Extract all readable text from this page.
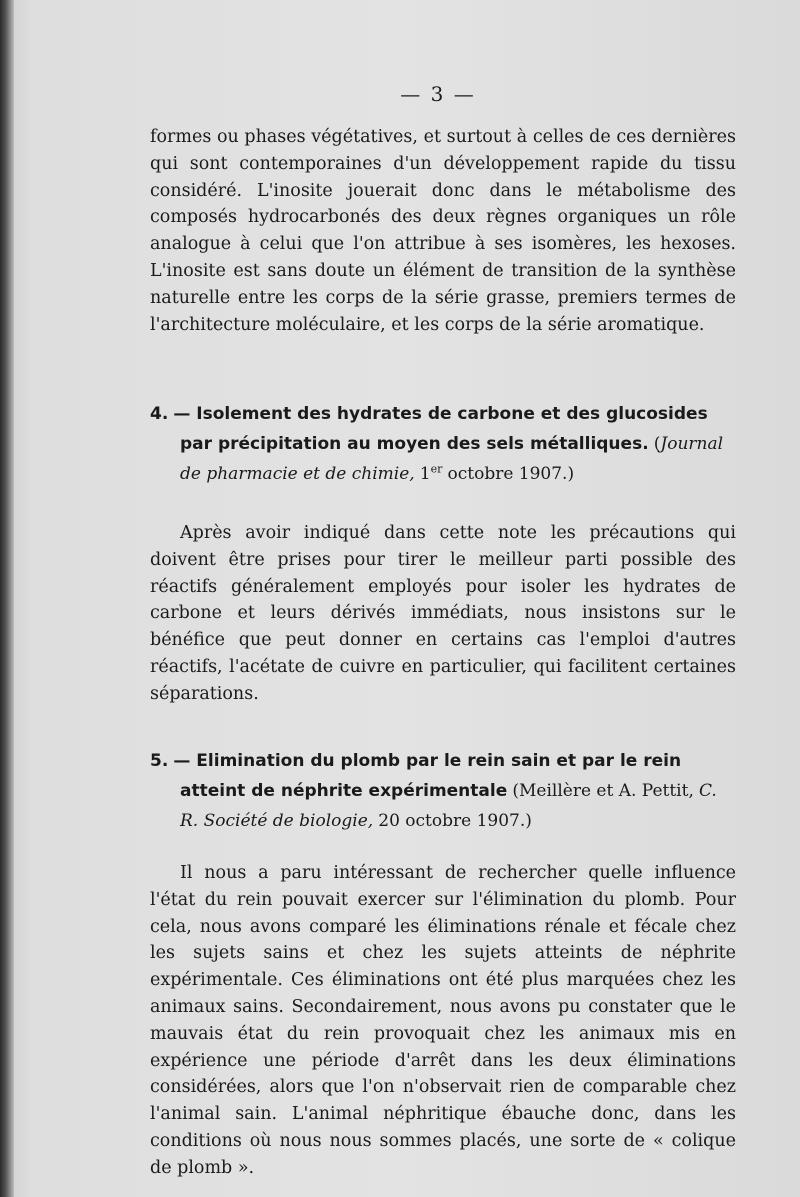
— 3 —

formes ou phases végétatives, et surtout à celles de ces dernières qui sont contemporaines d'un développement rapide du tissu considéré. L'inosite jouerait donc dans le métabolisme des composés hydrocarbonés des deux règnes organiques un rôle analogue à celui que l'on attribue à ses isomères, les hexoses. L'inosite est sans doute un élément de transition de la synthèse naturelle entre les corps de la série grasse, premiers termes de l'architecture moléculaire, et les corps de la série aromatique.

4. — Isolement des hydrates de carbone et des glucosides
par précipitation au moyen des sels métalliques. (Journal de pharmacie et de chimie, 1er octobre 1907.)

Après avoir indiqué dans cette note les précautions qui doivent être prises pour tirer le meilleur parti possible des réactifs généralement employés pour isoler les hydrates de carbone et leurs dérivés immédiats, nous insistons sur le bénéfice que peut donner en certains cas l'emploi d'autres réactifs, l'acétate de cuivre en particulier, qui facilitent certaines séparations.

5. — Elimination du plomb par le rein sain et par le rein
atteint de néphrite expérimentale (Meillère et A. Pettit, C. R. Société de biologie, 20 octobre 1907.)

Il nous a paru intéressant de rechercher quelle influence l'état du rein pouvait exercer sur l'élimination du plomb. Pour cela, nous avons comparé les éliminations rénale et fécale chez les sujets sains et chez les sujets atteints de néphrite expérimentale. Ces éliminations ont été plus marquées chez les animaux sains. Secondairement, nous avons pu constater que le mauvais état du rein provoquait chez les animaux mis en expérience une période d'arrêt dans les deux éliminations considérées, alors que l'on n'observait rien de comparable chez l'animal sain. L'animal néphritique ébauche donc, dans les conditions où nous nous sommes placés, une sorte de « colique de plomb ».
